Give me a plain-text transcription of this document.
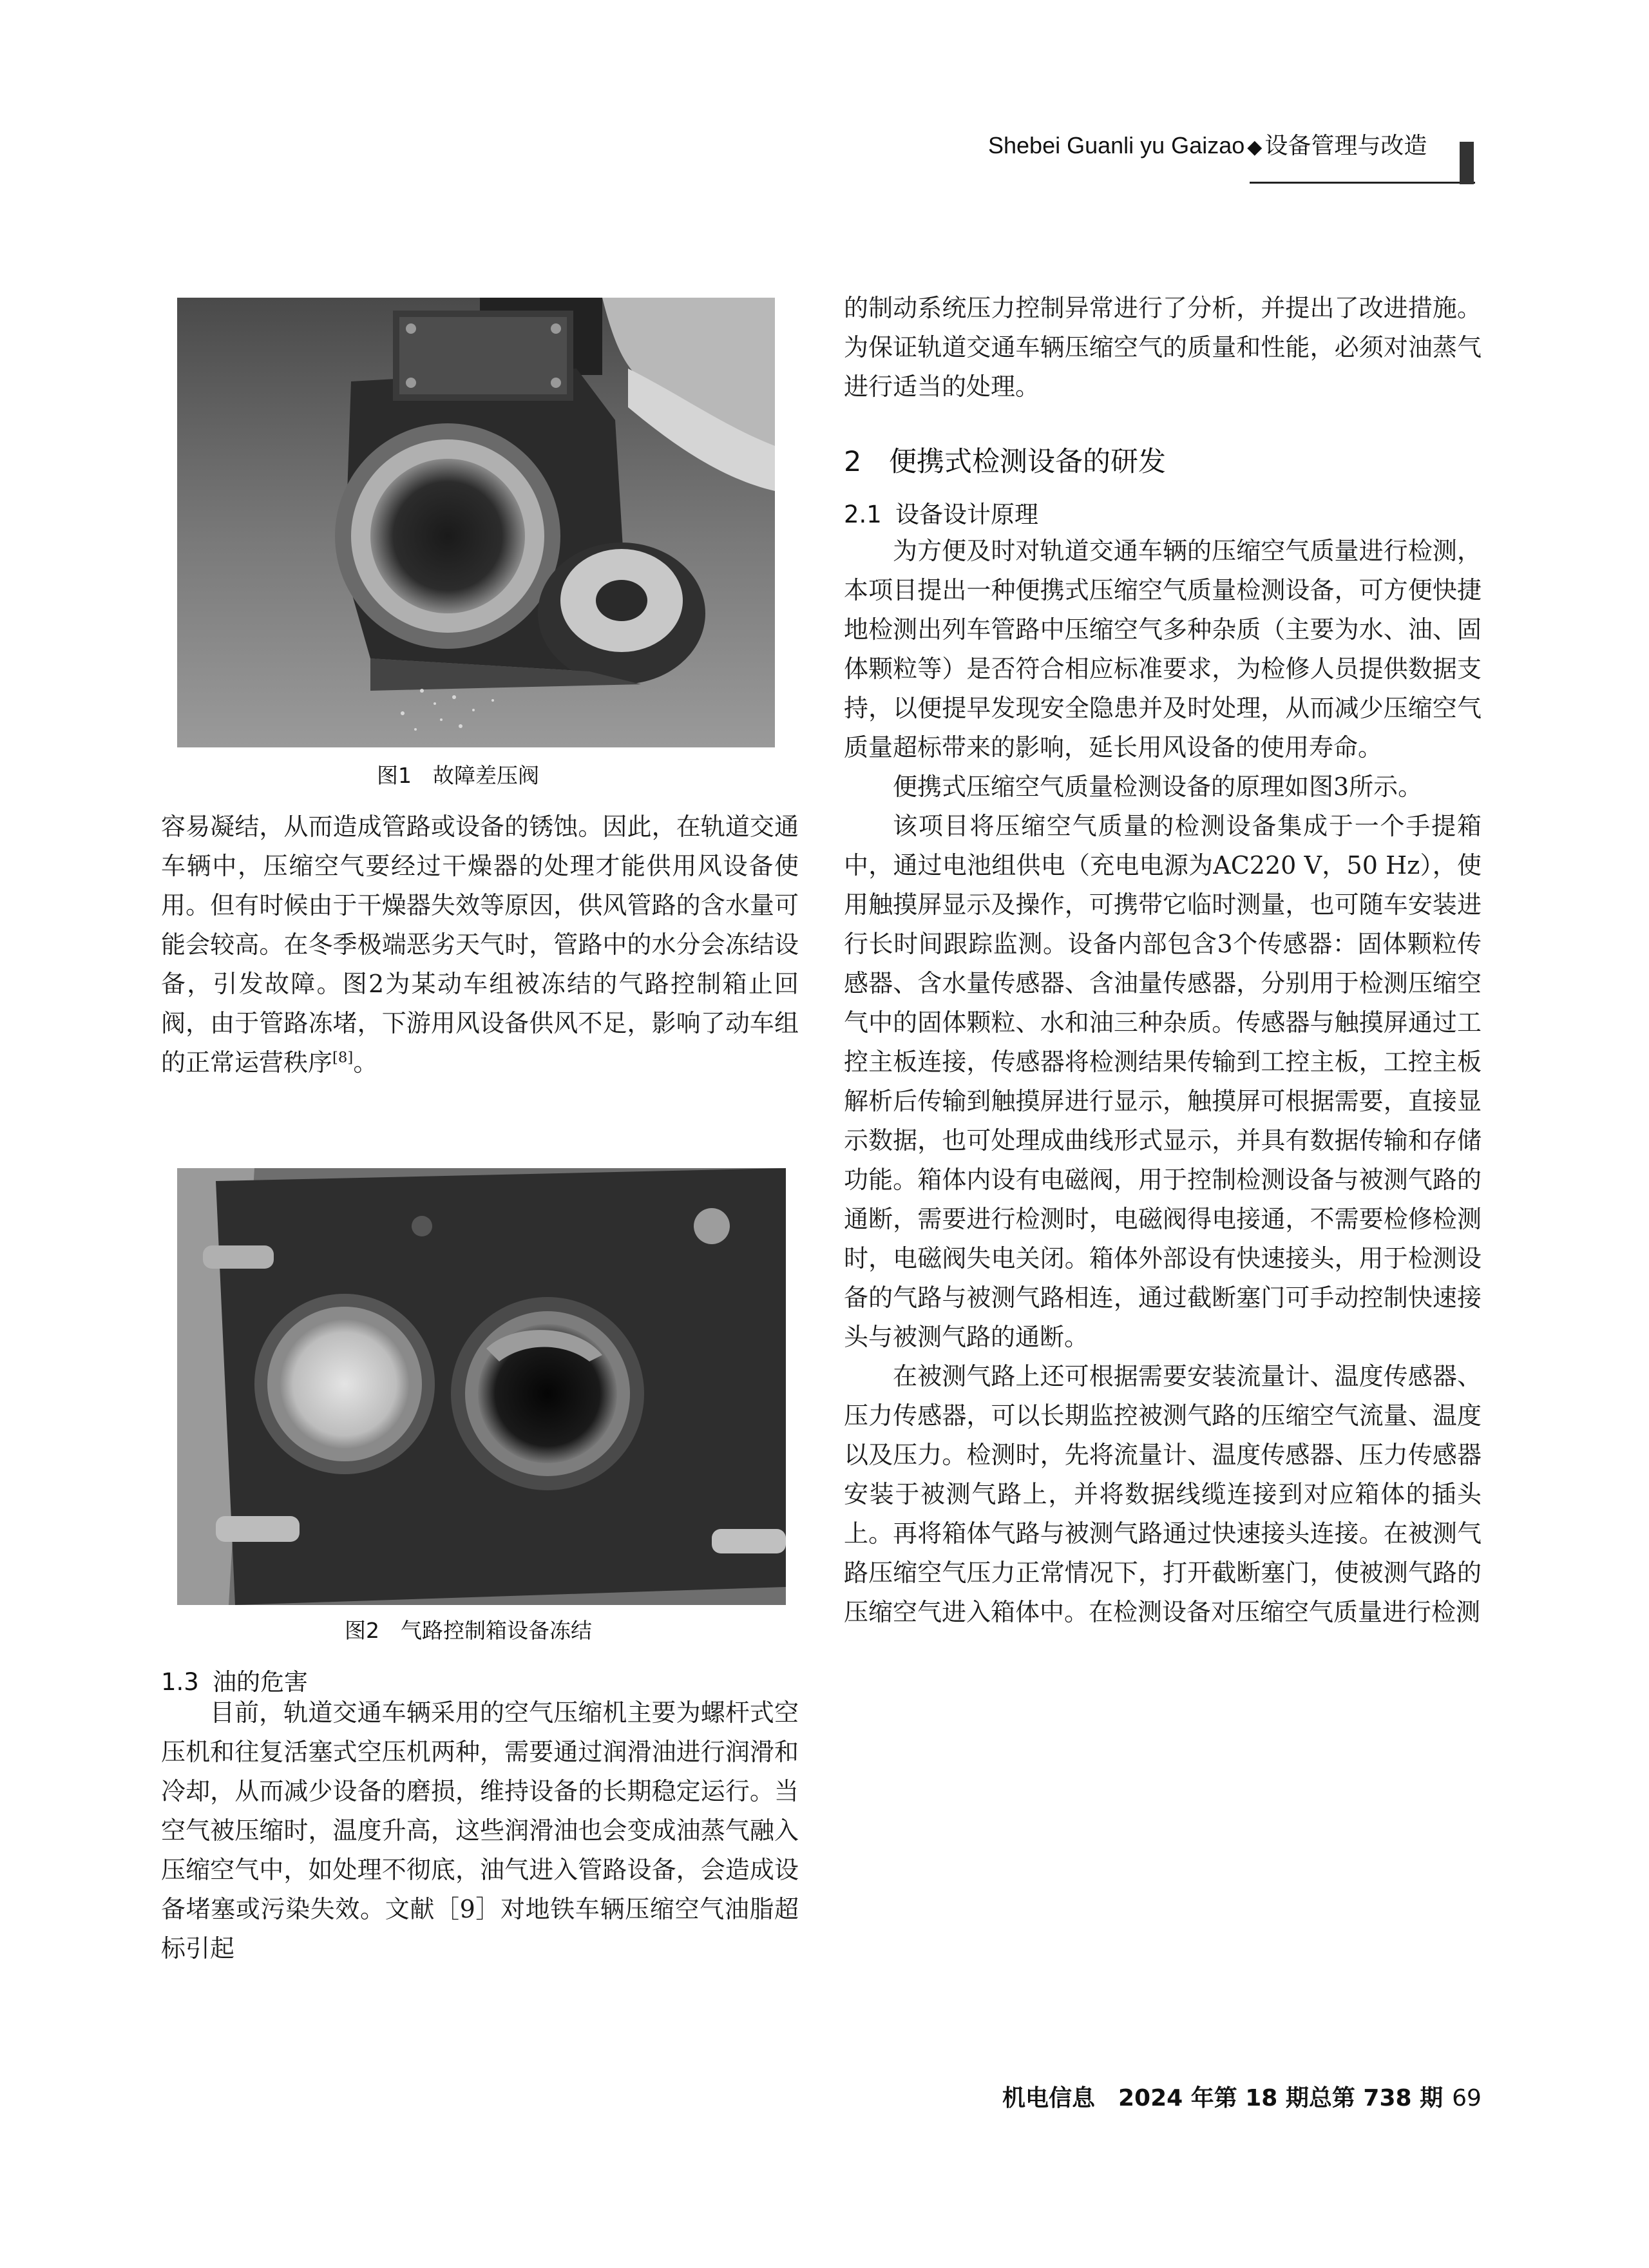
Shebei Guanli yu Gaizao ◆ 设备管理与改造
图1　故障差压阀
图2　气路控制箱设备冻结

容易凝结，从而造成管路或设备的锈蚀。因此，在轨道交通车辆中，压缩空气要经过干燥器的处理才能供用风设备使用。但有时候由于干燥器失效等原因，供风管路的含水量可能会较高。在冬季极端恶劣天气时，管路中的水分会冻结设备，引发故障。图2为某动车组被冻结的气路控制箱止回阀，由于管路冻堵，下游用风设备供风不足，影响了动车组的正常运营秩序[8]。

1.3 油的危害

目前，轨道交通车辆采用的空气压缩机主要为螺杆式空压机和往复活塞式空压机两种，需要通过润滑油进行润滑和冷却，从而减少设备的磨损，维持设备的长期稳定运行。当空气被压缩时，温度升高，这些润滑油也会变成油蒸气融入压缩空气中，如处理不彻底，油气进入管路设备，会造成设备堵塞或污染失效。文献［9］对地铁车辆压缩空气油脂超标引起

的制动系统压力控制异常进行了分析，并提出了改进措施。为保证轨道交通车辆压缩空气的质量和性能，必须对油蒸气进行适当的处理。

2 便携式检测设备的研发
2.1 设备设计原理

为方便及时对轨道交通车辆的压缩空气质量进行检测，本项目提出一种便携式压缩空气质量检测设备，可方便快捷地检测出列车管路中压缩空气多种杂质（主要为水、油、固体颗粒等）是否符合相应标准要求，为检修人员提供数据支持，以便提早发现安全隐患并及时处理，从而减少压缩空气质量超标带来的影响，延长用风设备的使用寿命。

便携式压缩空气质量检测设备的原理如图3所示。

该项目将压缩空气质量的检测设备集成于一个手提箱中，通过电池组供电（充电电源为AC220 V，50 Hz），使用触摸屏显示及操作，可携带它临时测量，也可随车安装进行长时间跟踪监测。设备内部包含3个传感器：固体颗粒传感器、含水量传感器、含油量传感器，分别用于检测压缩空气中的固体颗粒、水和油三种杂质。传感器与触摸屏通过工控主板连接，传感器将检测结果传输到工控主板，工控主板解析后传输到触摸屏进行显示，触摸屏可根据需要，直接显示数据，也可处理成曲线形式显示，并具有数据传输和存储功能。箱体内设有电磁阀，用于控制检测设备与被测气路的通断，需要进行检测时，电磁阀得电接通，不需要检修检测时，电磁阀失电关闭。箱体外部设有快速接头，用于检测设备的气路与被测气路相连，通过截断塞门可手动控制快速接头与被测气路的通断。

在被测气路上还可根据需要安装流量计、温度传感器、压力传感器，可以长期监控被测气路的压缩空气流量、温度以及压力。检测时，先将流量计、温度传感器、压力传感器安装于被测气路上，并将数据线缆连接到对应箱体的插头上。再将箱体气路与被测气路通过快速接头连接。在被测气路压缩空气压力正常情况下，打开截断塞门，使被测气路的压缩空气进入箱体中。在检测设备对压缩空气质量进行检测

机电信息　2024 年第 18 期总第 738 期 69
